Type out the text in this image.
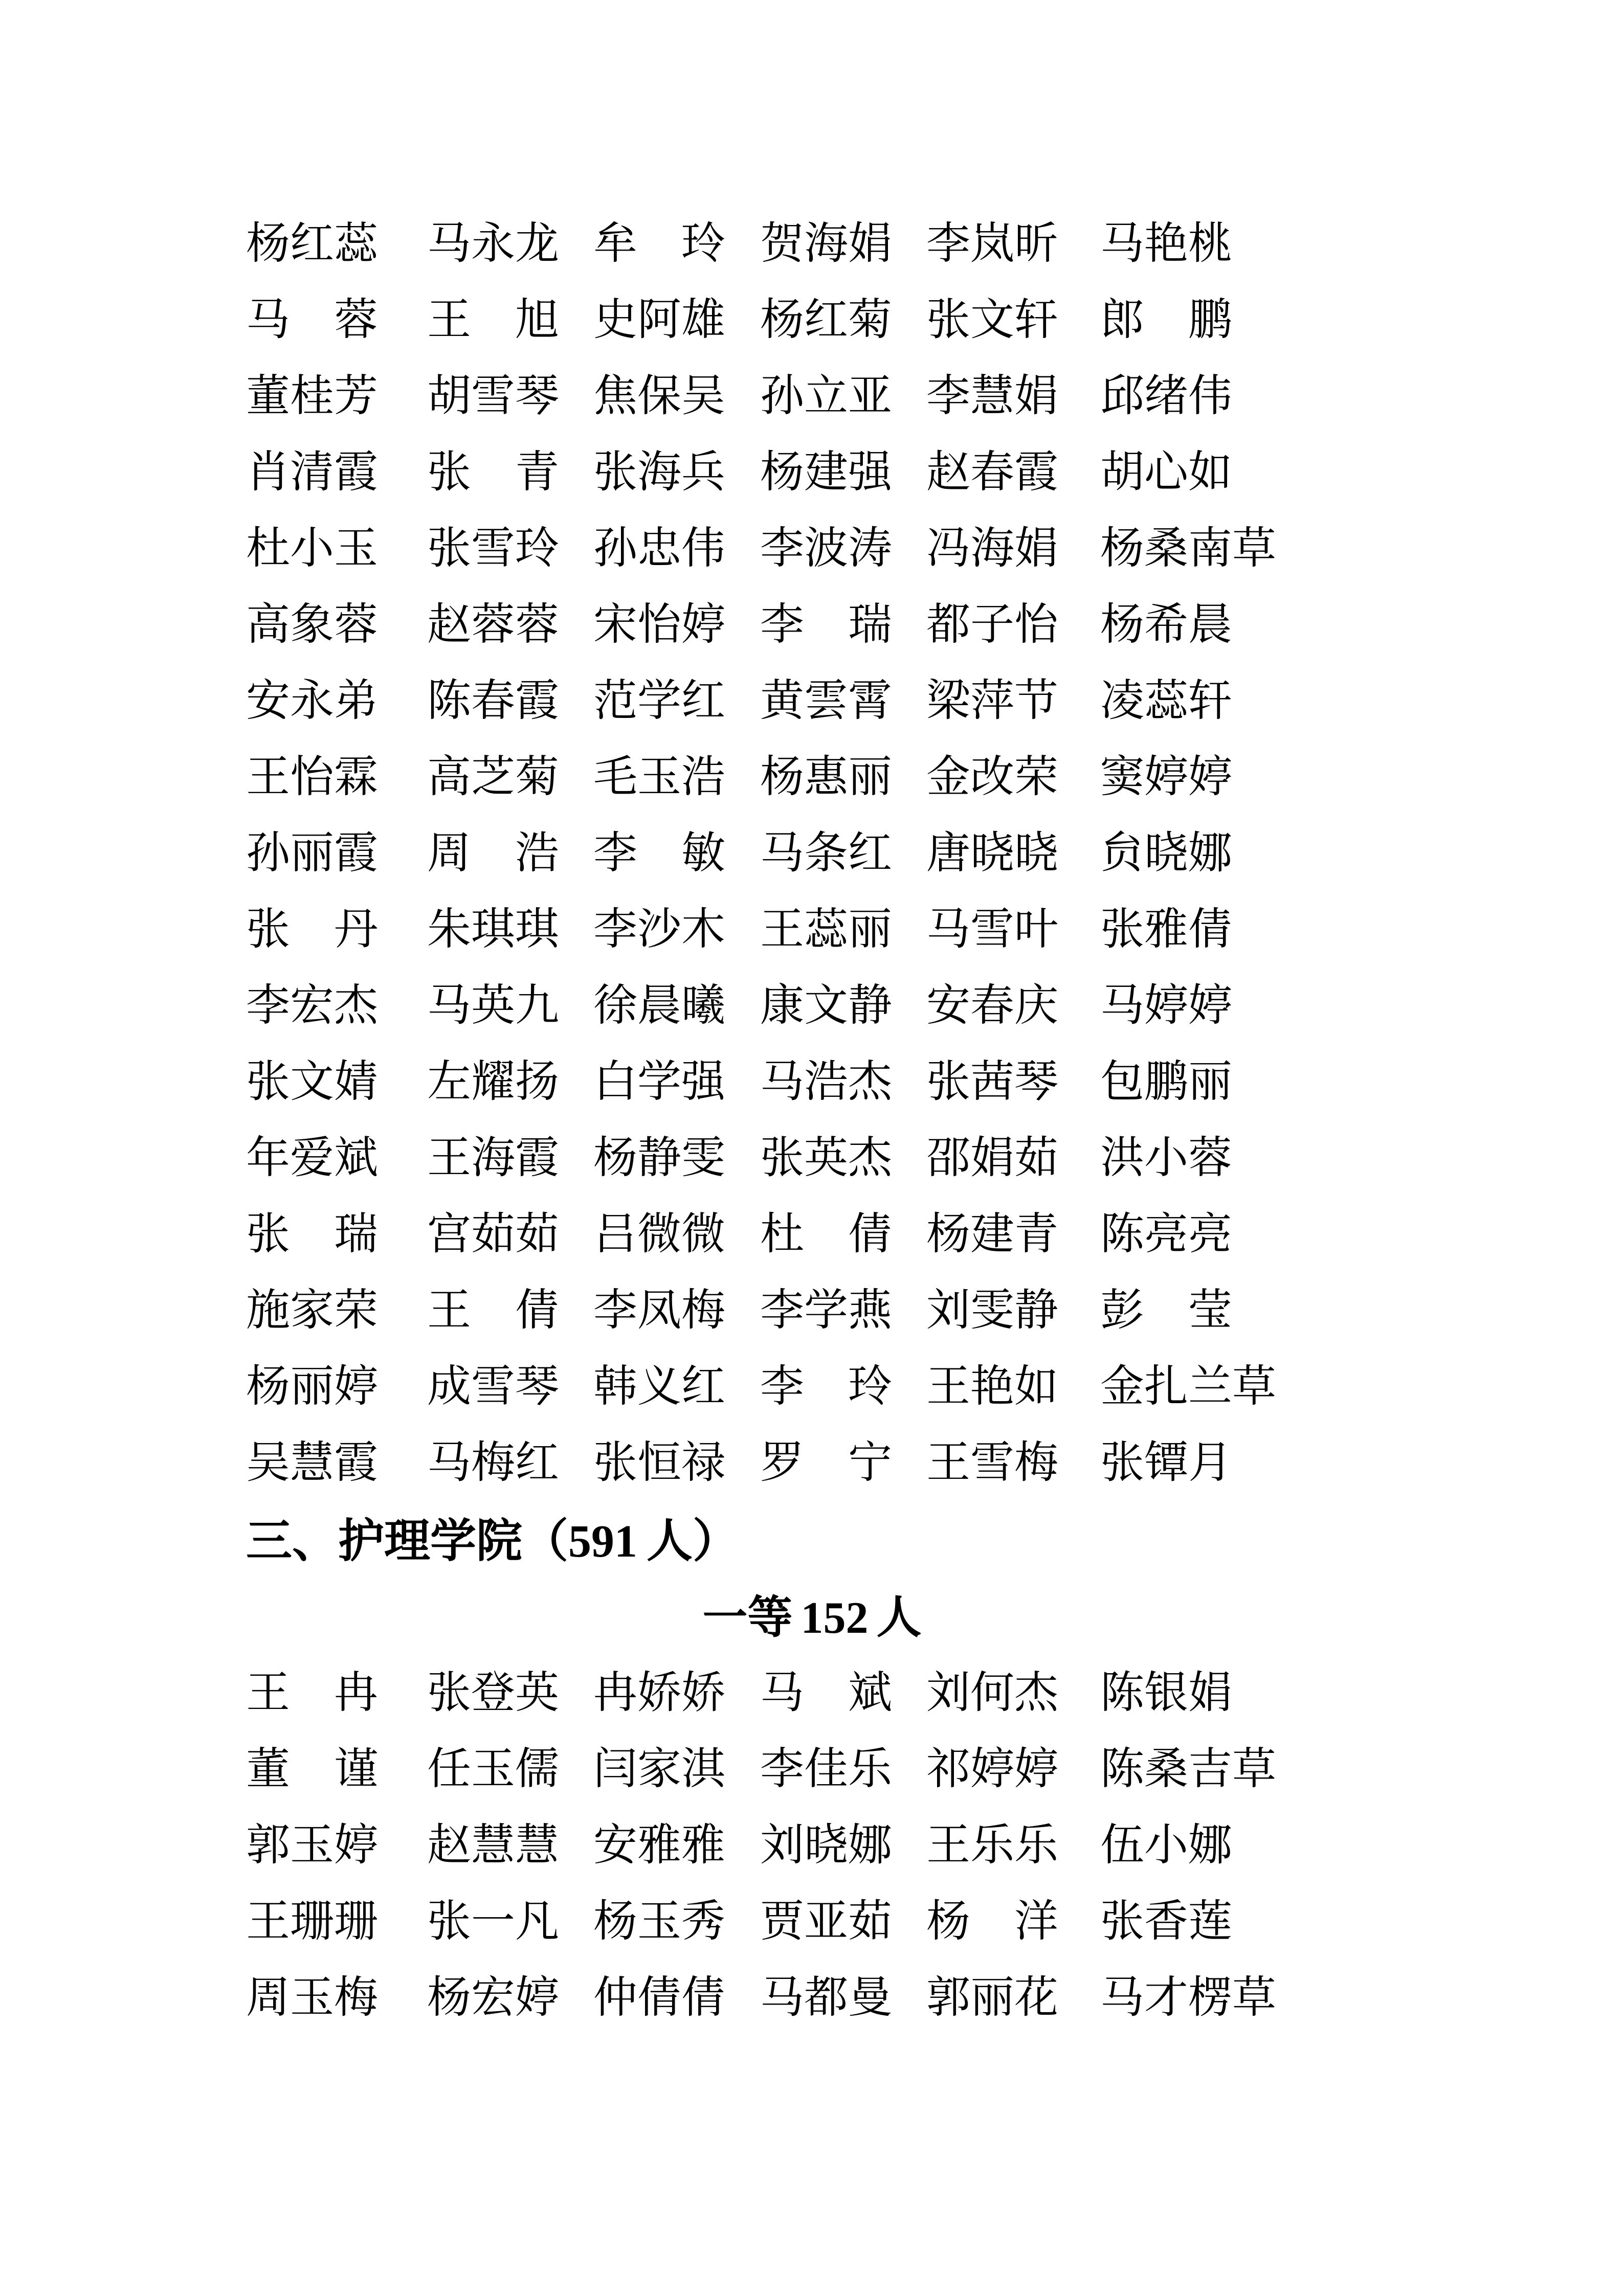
杨红蕊 马永龙 牟　玲 贺海娟 李岚昕 马艳桃
马　蓉 王　旭 史阿雄 杨红菊 张文轩 郎　鹏
董桂芳 胡雪琴 焦保吴 孙立亚 李慧娟 邱绪伟
肖清霞 张　青 张海兵 杨建强 赵春霞 胡心如
杜小玉 张雪玲 孙忠伟 李波涛 冯海娟 杨桑南草
高象蓉 赵蓉蓉 宋怡婷 李　瑞 都子怡 杨希晨
安永弟 陈春霞 范学红 黄雲霄 梁萍节 凌蕊轩
王怡霖 高芝菊 毛玉浩 杨惠丽 金改荣 窦婷婷
孙丽霞 周　浩 李　敏 马条红 唐晓晓 贠晓娜
张　丹 朱琪琪 李沙木 王蕊丽 马雪叶 张雅倩
李宏杰 马英九 徐晨曦 康文静 安春庆 马婷婷
张文婧 左耀扬 白学强 马浩杰 张茜琴 包鹏丽
年爱斌 王海霞 杨静雯 张英杰 邵娟茹 洪小蓉
张　瑞 宫茹茹 吕微微 杜　倩 杨建青 陈亮亮
施家荣 王　倩 李凤梅 李学燕 刘雯静 彭　莹
杨丽婷 成雪琴 韩义红 李　玲 王艳如 金扎兰草
吴慧霞 马梅红 张恒禄 罗　宁 王雪梅 张镡月
三、护理学院（591 人）
一等 152 人
王　冉 张登英 冉娇娇 马　斌 刘何杰 陈银娟
董　谨 任玉儒 闫家淇 李佳乐 祁婷婷 陈桑吉草
郭玉婷 赵慧慧 安雅雅 刘晓娜 王乐乐 伍小娜
王珊珊 张一凡 杨玉秀 贾亚茹 杨　洋 张香莲
周玉梅 杨宏婷 仲倩倩 马都曼 郭丽花 马才楞草
